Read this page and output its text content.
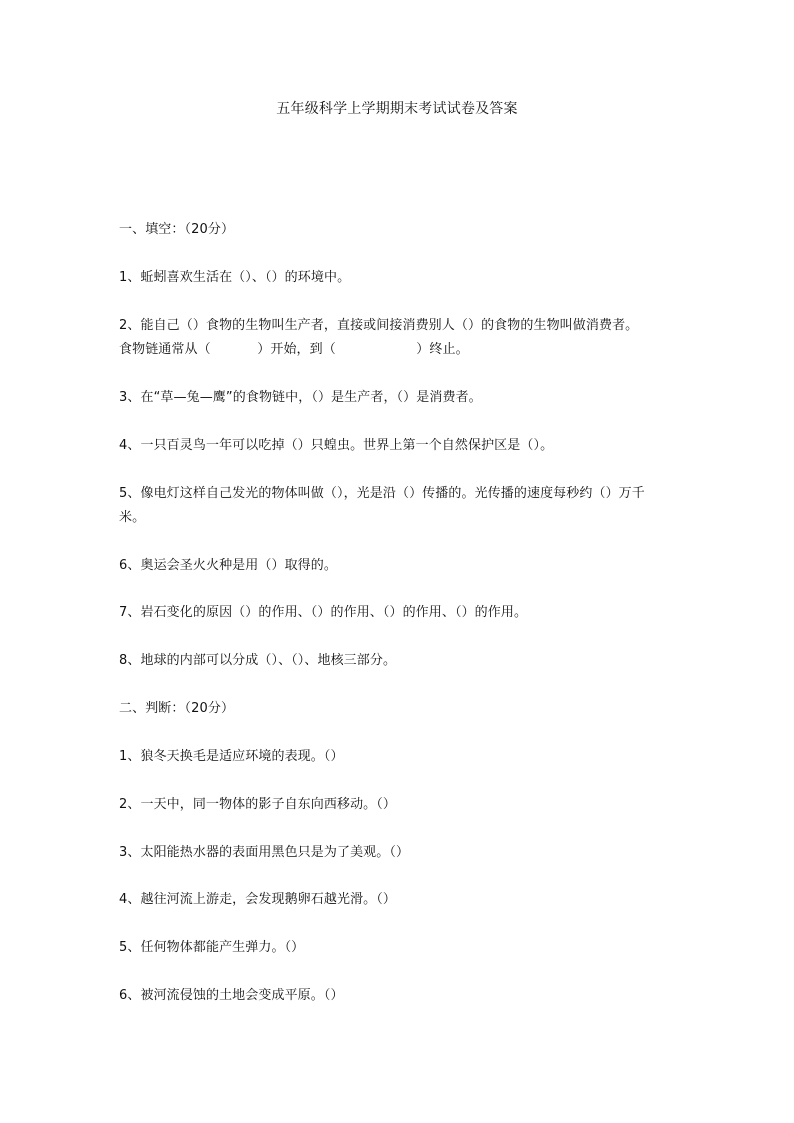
五年级科学上学期期末考试试卷及答案
一、填空：（20分）
1、蚯蚓喜欢生活在（）、（）的环境中。
2、能自己（）食物的生物叫生产者，直接或间接消费别人（）的食物的生物叫做消费者。
食物链通常从（           ）开始，到（                   ）终止。
3、在“草—兔—鹰”的食物链中，（）是生产者，（）是消费者。
4、一只百灵鸟一年可以吃掉（）只蝗虫。世界上第一个自然保护区是（）。
5、像电灯这样自己发光的物体叫做（），光是沿（）传播的。光传播的速度每秒约（）万千
米。
6、奥运会圣火火种是用（）取得的。
7、岩石变化的原因（）的作用、（）的作用、（）的作用、（）的作用。
8、地球的内部可以分成（）、（）、地核三部分。
二、判断：（20分）
1、狼冬天换毛是适应环境的表现。（）
2、一天中，同一物体的影子自东向西移动。（）
3、太阳能热水器的表面用黑色只是为了美观。（）
4、越往河流上游走，会发现鹅卵石越光滑。（）
5、任何物体都能产生弹力。（）
6、被河流侵蚀的土地会变成平原。（）
